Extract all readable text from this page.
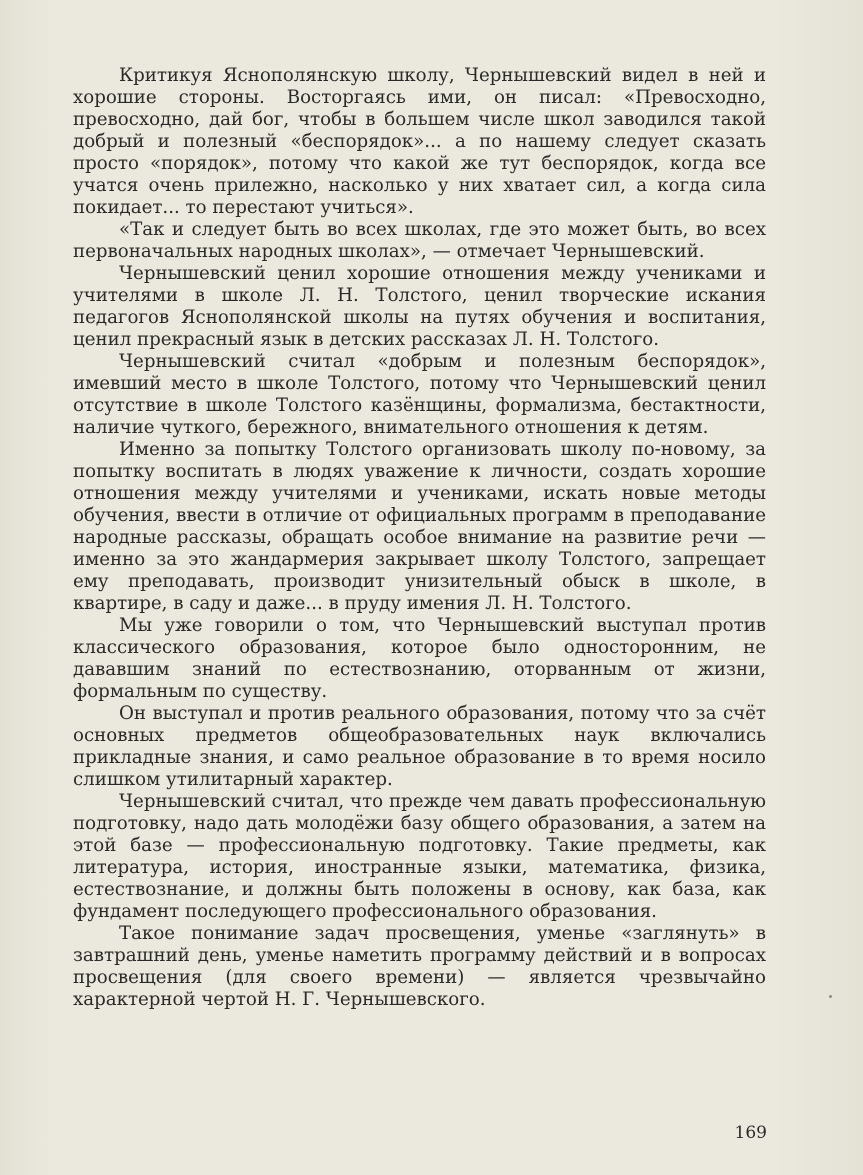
Критикуя Яснополянскую школу, Чернышевский видел в ней и хорошие стороны. Восторгаясь ими, он писал: «Превосходно, превосходно, дай бог, чтобы в большем числе школ заводился такой добрый и полезный «беспорядок»... а по нашему следует сказать просто «порядок», потому что какой же тут беспорядок, когда все учатся очень прилежно, насколько у них хватает сил, а когда сила покидает... то перестают учиться».

«Так и следует быть во всех школах, где это может быть, во всех первоначальных народных школах», — отмечает Чернышевский.

Чернышевский ценил хорошие отношения между учениками и учителями в школе Л. Н. Толстого, ценил творческие искания педагогов Яснополянской школы на путях обучения и воспитания, ценил прекрасный язык в детских рассказах Л. Н. Толстого.

Чернышевский считал «добрым и полезным беспорядок», имевший место в школе Толстого, потому что Чернышевский ценил отсутствие в школе Толстого казёнщины, формализма, бестактности, наличие чуткого, бережного, внимательного отношения к детям.

Именно за попытку Толстого организовать школу по-новому, за попытку воспитать в людях уважение к личности, создать хорошие отношения между учителями и учениками, искать новые методы обучения, ввести в отличие от официальных программ в преподавание народные рассказы, обращать особое внимание на развитие речи — именно за это жандармерия закрывает школу Толстого, запрещает ему преподавать, производит унизительный обыск в школе, в квартире, в саду и даже... в пруду имения Л. Н. Толстого.

Мы уже говорили о том, что Чернышевский выступал против классического образования, которое было односторонним, не дававшим знаний по естествознанию, оторванным от жизни, формальным по существу.

Он выступал и против реального образования, потому что за счёт основных предметов общеобразовательных наук включались прикладные знания, и само реальное образование в то время носило слишком утилитарный характер.

Чернышевский считал, что прежде чем давать профессиональную подготовку, надо дать молодёжи базу общего образования, а затем на этой базе — профессиональную подготовку. Такие предметы, как литература, история, иностранные языки, математика, физика, естествознание, и должны быть положены в основу, как база, как фундамент последующего профессионального образования.

Такое понимание задач просвещения, уменье «заглянуть» в завтрашний день, уменье наметить программу действий и в вопросах просвещения (для своего времени) — является чрезвычайно характерной чертой Н. Г. Чернышевского.

169
